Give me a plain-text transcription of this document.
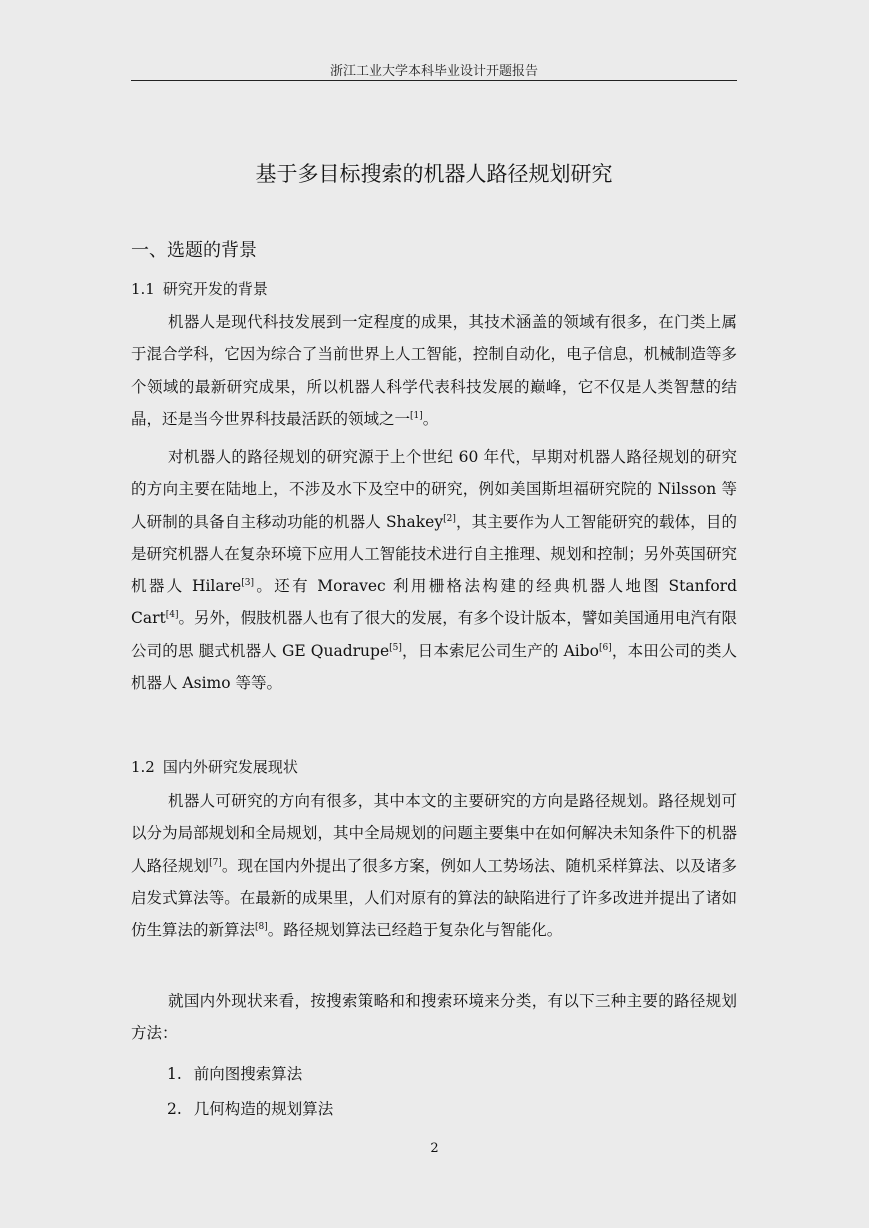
浙江工业大学本科毕业设计开题报告
基于多目标搜索的机器人路径规划研究
一、选题的背景
1.1 研究开发的背景

机器人是现代科技发展到一定程度的成果，其技术涵盖的领域有很多，在门类上属于混合学科，它因为综合了当前世界上人工智能，控制自动化，电子信息，机械制造等多个领域的最新研究成果，所以机器人科学代表科技发展的巅峰，它不仅是人类智慧的结晶，还是当今世界科技最活跃的领域之一[1]。

对机器人的路径规划的研究源于上个世纪 60 年代，早期对机器人路径规划的研究的方向主要在陆地上，不涉及水下及空中的研究，例如美国斯坦福研究院的 Nilsson 等人研制的具备自主移动功能的机器人 Shakey[2]，其主要作为人工智能研究的载体，目的是研究机器人在复杂环境下应用人工智能技术进行自主推理、规划和控制；另外英国研究机器人 Hilare[3]。还有 Moravec 利用栅格法构建的经典机器人地图 Stanford Cart[4]。另外，假肢机器人也有了很大的发展，有多个设计版本，譬如美国通用电汽有限公司的思 腿式机器人 GE Quadrupe[5]，日本索尼公司生产的 Aibo[6]，本田公司的类人机器人 Asimo 等等。

1.2 国内外研究发展现状

机器人可研究的方向有很多，其中本文的主要研究的方向是路径规划。路径规划可以分为局部规划和全局规划，其中全局规划的问题主要集中在如何解决未知条件下的机器人路径规划[7]。现在国内外提出了很多方案，例如人工势场法、随机采样算法、以及诸多启发式算法等。在最新的成果里，人们对原有的算法的缺陷进行了许多改进并提出了诸如仿生算法的新算法[8]。路径规划算法已经趋于复杂化与智能化。

就国内外现状来看，按搜索策略和和搜索环境来分类，有以下三种主要的路径规划方法：

1. 前向图搜索算法
2. 几何构造的规划算法
2
